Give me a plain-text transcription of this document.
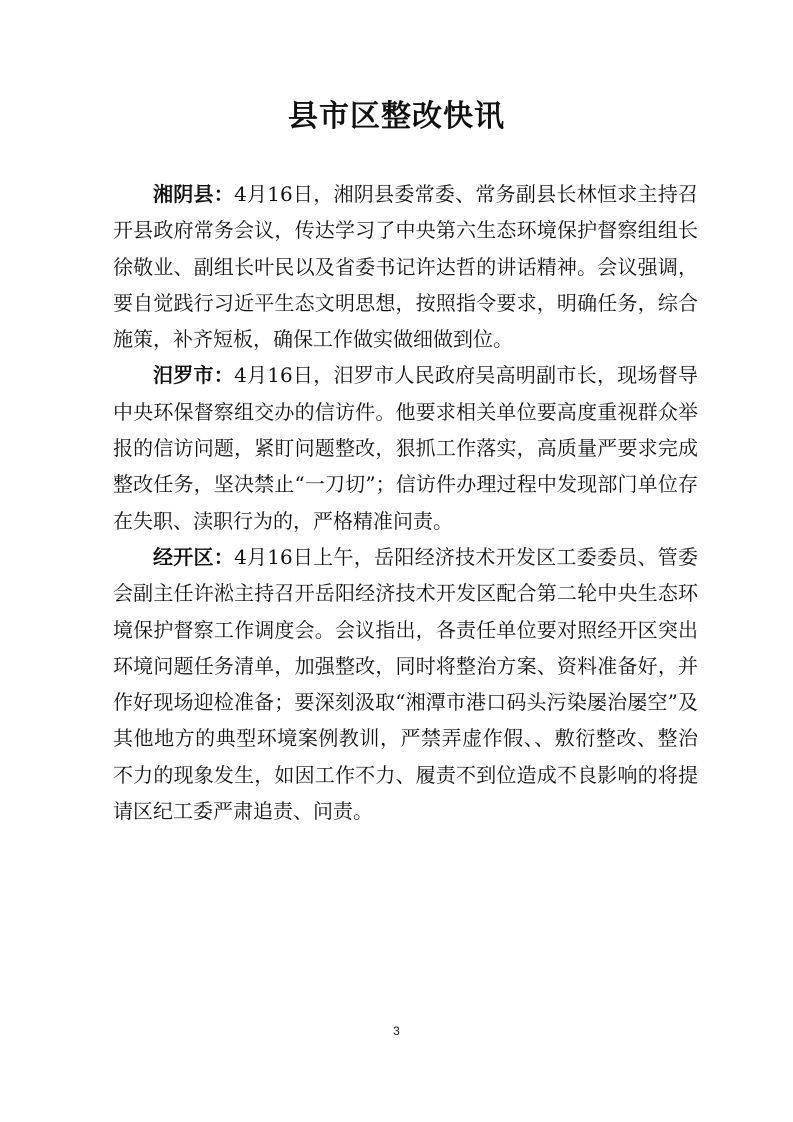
县市区整改快讯

湘阴县：4月16日，湘阴县委常委、常务副县长林恒求主持召开县政府常务会议，传达学习了中央第六生态环境保护督察组组长徐敬业、副组长叶民以及省委书记许达哲的讲话精神。会议强调，要自觉践行习近平生态文明思想，按照指令要求，明确任务，综合施策，补齐短板，确保工作做实做细做到位。

汨罗市：4月16日，汨罗市人民政府吴高明副市长，现场督导中央环保督察组交办的信访件。他要求相关单位要高度重视群众举报的信访问题，紧盯问题整改，狠抓工作落实，高质量严要求完成整改任务，坚决禁止“一刀切”；信访件办理过程中发现部门单位存在失职、渎职行为的，严格精准问责。

经开区：4月16日上午，岳阳经济技术开发区工委委员、管委会副主任许淞主持召开岳阳经济技术开发区配合第二轮中央生态环境保护督察工作调度会。会议指出，各责任单位要对照经开区突出环境问题任务清单，加强整改，同时将整治方案、资料准备好，并作好现场迎检准备；要深刻汲取“湘潭市港口码头污染屡治屡空”及其他地方的典型环境案例教训，严禁弄虚作假、、敷衍整改、整治不力的现象发生，如因工作不力、履责不到位造成不良影响的将提请区纪工委严肃追责、问责。

3
